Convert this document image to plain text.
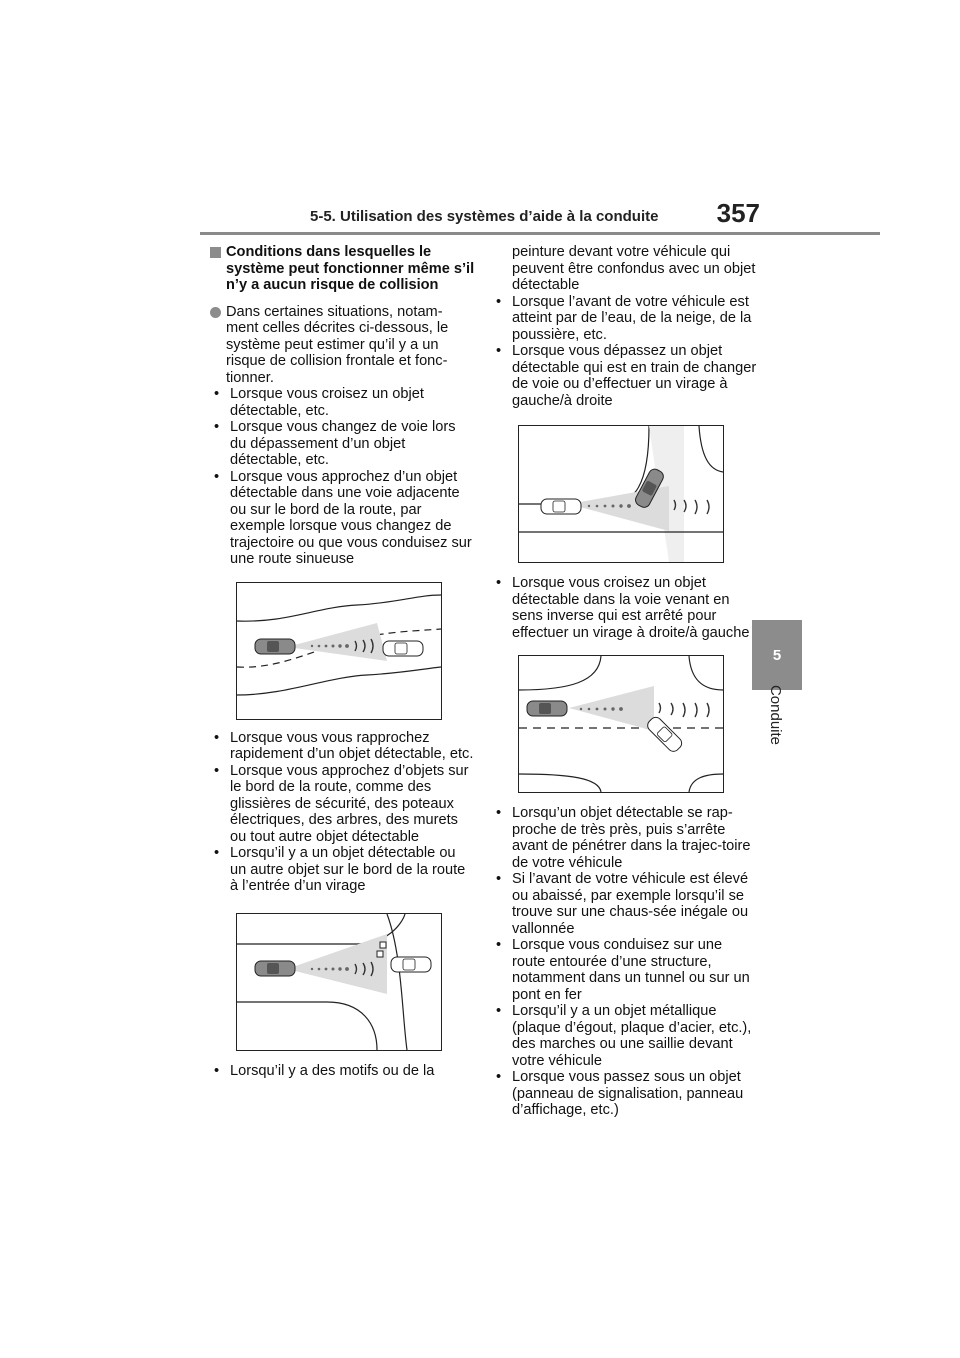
5-5. Utilisation des systèmes d’aide à la conduite 357
5
Conduite
Conditions dans lesquelles le système peut fonctionner même s’il n’y a aucun risque de collision
Dans certaines situations, notam-ment celles décrites ci-dessous, le système peut estimer qu’il y a un risque de collision frontale et fonc-tionner.
• Lorsque vous croisez un objet détectable, etc.
• Lorsque vous changez de voie lors du dépassement d’un objet détectable, etc.
• Lorsque vous approchez d’un objet détectable dans une voie adjacente ou sur le bord de la route, par exemple lorsque vous changez de trajectoire ou que vous conduisez sur une route sinueuse
• Lorsque vous vous rapprochez rapidement d’un objet détectable, etc.
• Lorsque vous approchez d’objets sur le bord de la route, comme des glissières de sécurité, des poteaux électriques, des arbres, des murets ou tout autre objet détectable
• Lorsqu’il y a un objet détectable ou un autre objet sur le bord de la route à l’entrée d’un virage
• Lorsqu’il y a des motifs ou de la
peinture devant votre véhicule qui peuvent être confondus avec un objet détectable
• Lorsque l’avant de votre véhicule est atteint par de l’eau, de la neige, de la poussière, etc.
• Lorsque vous dépassez un objet détectable qui est en train de changer de voie ou d’effectuer un virage à gauche/à droite
• Lorsque vous croisez un objet détectable dans la voie venant en sens inverse qui est arrêté pour effectuer un virage à droite/à gauche
• Lorsqu’un objet détectable se rap-proche de très près, puis s’arrête avant de pénétrer dans la trajec-toire de votre véhicule
• Si l’avant de votre véhicule est élevé ou abaissé, par exemple lorsqu’il se trouve sur une chaus-sée inégale ou vallonnée
• Lorsque vous conduisez sur une route entourée d’une structure, notamment dans un tunnel ou sur un pont en fer
• Lorsqu’il y a un objet métallique (plaque d’égout, plaque d’acier, etc.), des marches ou une saillie devant votre véhicule
• Lorsque vous passez sous un objet (panneau de signalisation, panneau d’affichage, etc.)
